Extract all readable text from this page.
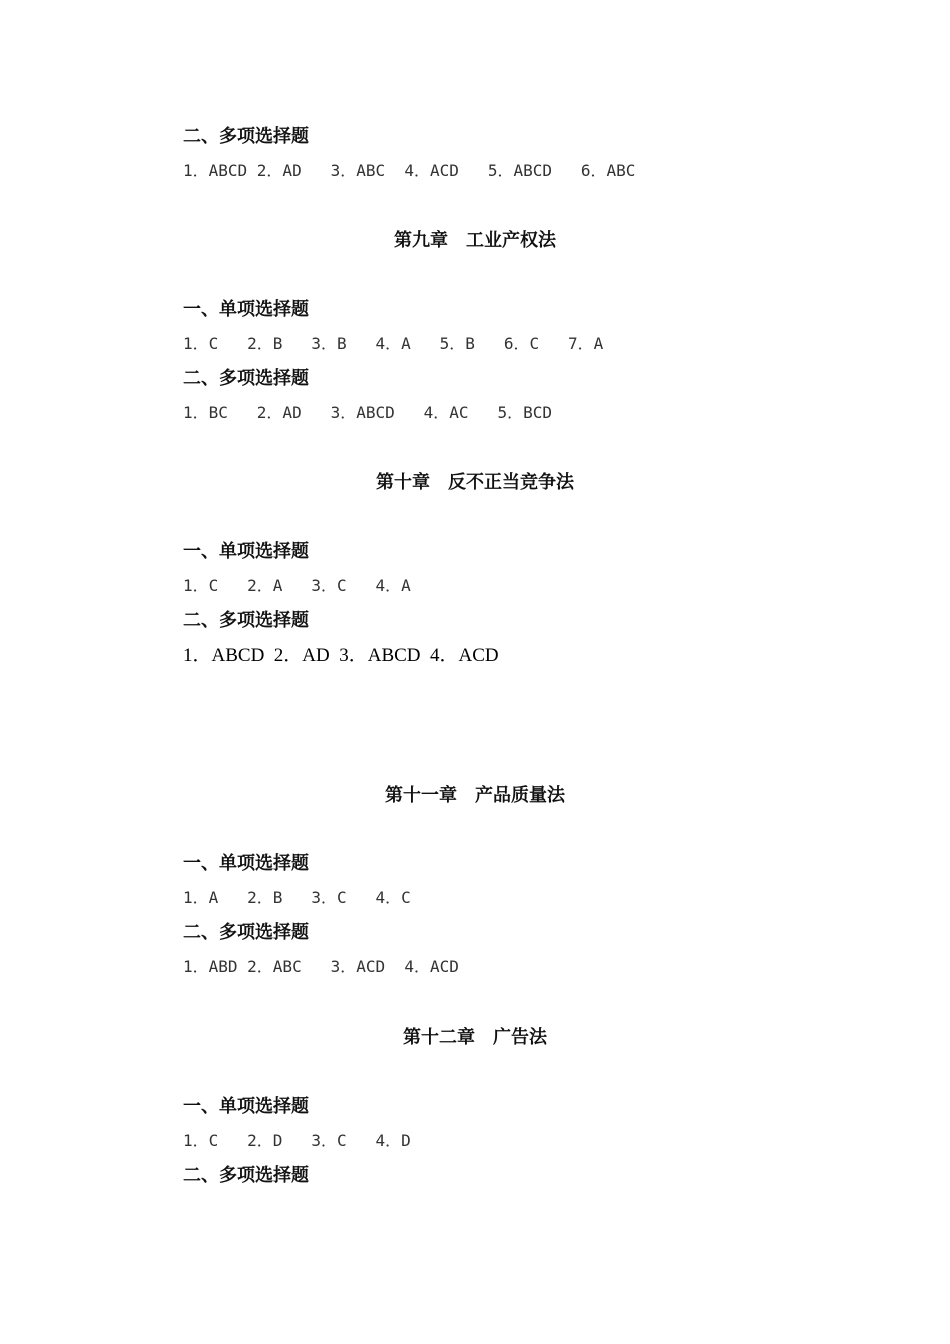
二、多项选择题
1．ABCD 2．AD   3．ABC  4．ACD   5．ABCD   6．ABC
第九章　工业产权法
一、单项选择题
1．C   2．B   3．B   4．A   5．B   6．C   7．A
二、多项选择题
1．BC   2．AD   3．ABCD   4．AC   5．BCD
第十章　反不正当竞争法
一、单项选择题
1．C   2．A   3．C   4．A
二、多项选择题
1．ABCD  2．AD  3．ABCD  4．ACD
第十一章　产品质量法
一、单项选择题
1．A   2．B   3．C   4．C
二、多项选择题
1．ABD 2．ABC   3．ACD  4．ACD
第十二章　广告法
一、单项选择题
1．C   2．D   3．C   4．D
二、多项选择题
